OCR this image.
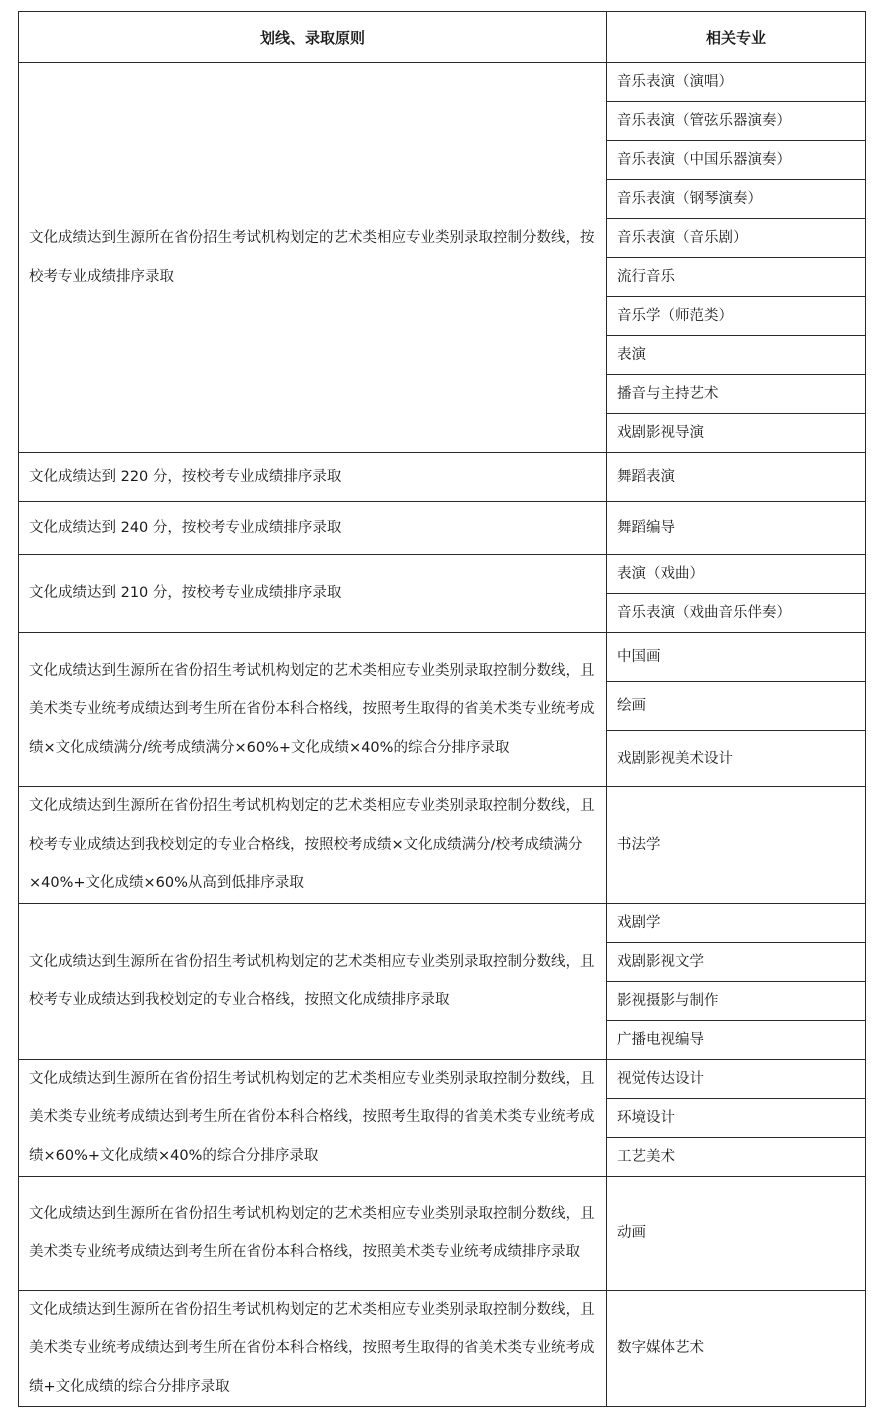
划线、录取原则	相关专业
文化成绩达到生源所在省份招生考试机构划定的艺术类相应专业类别录取控制分数线，按校考专业成绩排序录取	音乐表演（演唱）
	音乐表演（管弦乐器演奏）
	音乐表演（中国乐器演奏）
	音乐表演（钢琴演奏）
	音乐表演（音乐剧）
	流行音乐
	音乐学（师范类）
	表演
	播音与主持艺术
	戏剧影视导演
文化成绩达到 220 分，按校考专业成绩排序录取	舞蹈表演
文化成绩达到 240 分，按校考专业成绩排序录取	舞蹈编导
文化成绩达到 210 分，按校考专业成绩排序录取	表演（戏曲）
	音乐表演（戏曲音乐伴奏）
文化成绩达到生源所在省份招生考试机构划定的艺术类相应专业类别录取控制分数线，且美术类专业统考成绩达到考生所在省份本科合格线，按照考生取得的省美术类专业统考成绩×文化成绩满分/统考成绩满分×60%+文化成绩×40%的综合分排序录取	中国画
	绘画
	戏剧影视美术设计
文化成绩达到生源所在省份招生考试机构划定的艺术类相应专业类别录取控制分数线，且校考专业成绩达到我校划定的专业合格线，按照校考成绩×文化成绩满分/校考成绩满分×40%+文化成绩×60%从高到低排序录取	书法学
文化成绩达到生源所在省份招生考试机构划定的艺术类相应专业类别录取控制分数线，且校考专业成绩达到我校划定的专业合格线，按照文化成绩排序录取	戏剧学
	戏剧影视文学
	影视摄影与制作
	广播电视编导
文化成绩达到生源所在省份招生考试机构划定的艺术类相应专业类别录取控制分数线，且美术类专业统考成绩达到考生所在省份本科合格线，按照考生取得的省美术类专业统考成绩×60%+文化成绩×40%的综合分排序录取	视觉传达设计
	环境设计
	工艺美术
文化成绩达到生源所在省份招生考试机构划定的艺术类相应专业类别录取控制分数线，且美术类专业统考成绩达到考生所在省份本科合格线，按照美术类专业统考成绩排序录取	动画
文化成绩达到生源所在省份招生考试机构划定的艺术类相应专业类别录取控制分数线，且美术类专业统考成绩达到考生所在省份本科合格线，按照考生取得的省美术类专业统考成绩+文化成绩的综合分排序录取	数字媒体艺术
